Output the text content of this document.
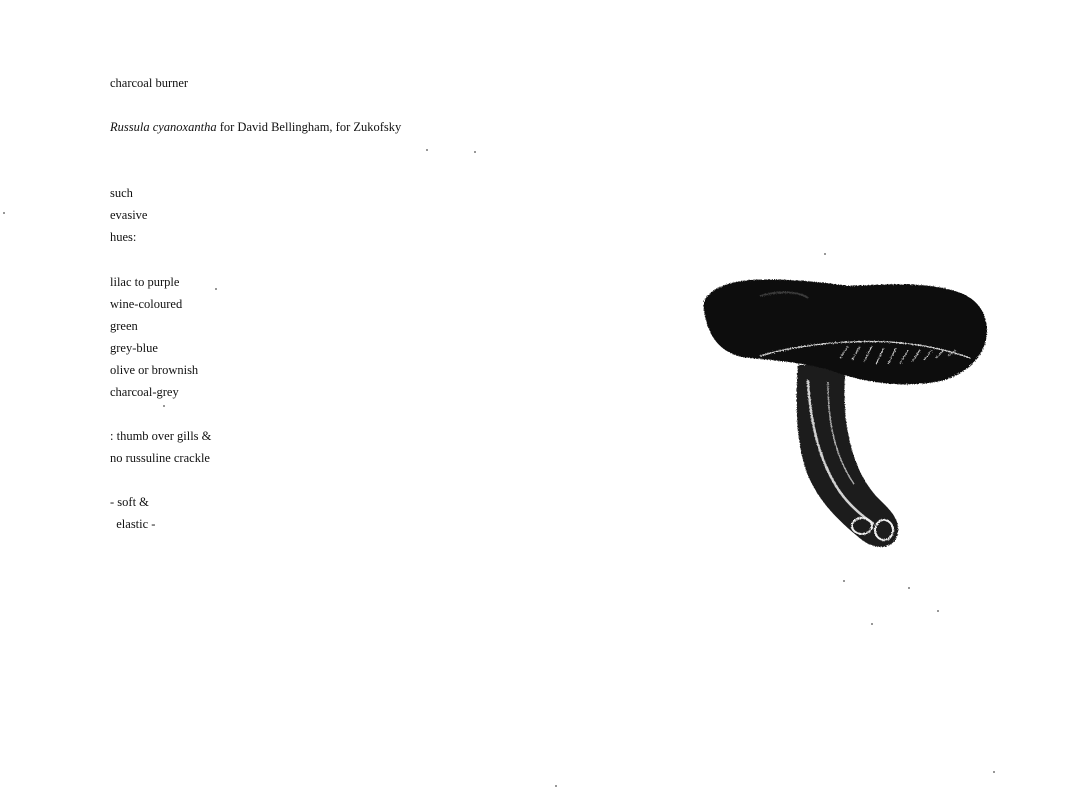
charcoal burner
Russula cyanoxantha for David Bellingham, for Zukofsky
such
evasive
hues:
lilac to purple
wine-coloured
green
grey-blue
olive or brownish
charcoal-grey
: thumb over gills &
no russuline crackle
- soft &
elastic -
